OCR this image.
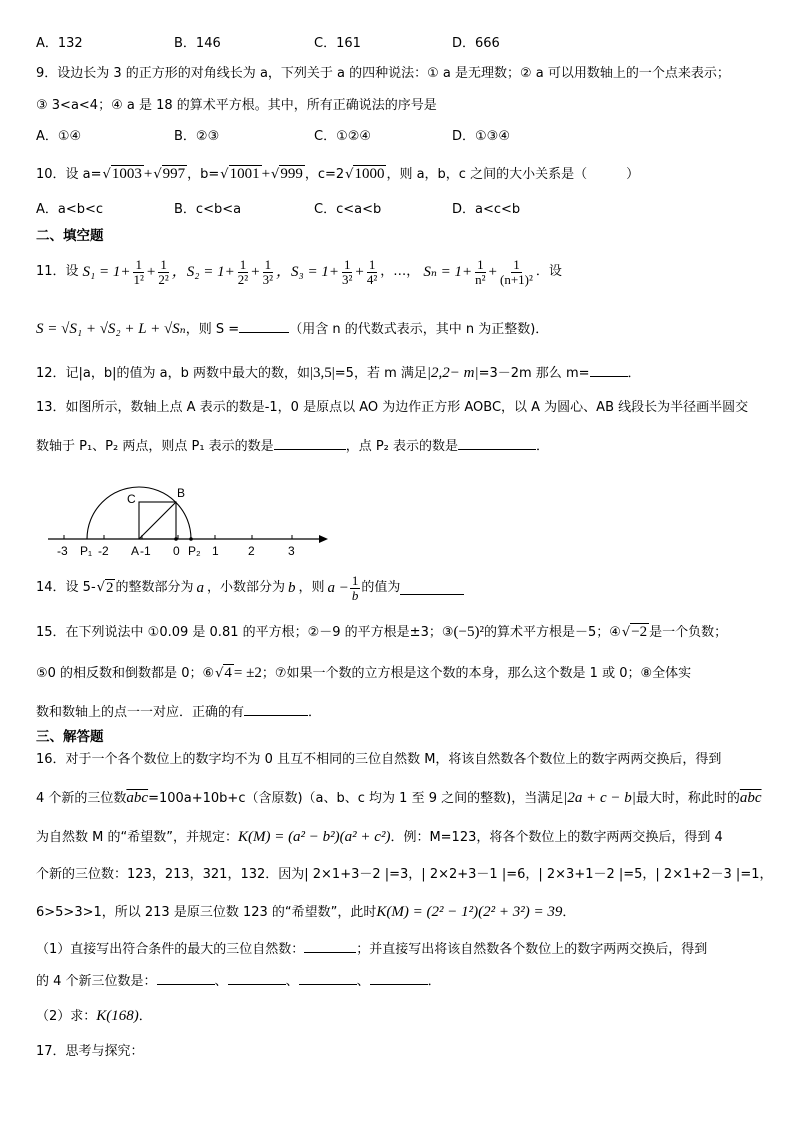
A．132	B．146	C．161	D．666
9．设边长为 3 的正方形的对角线长为 a，下列关于 a 的四种说法：① a 是无理数；② a 可以用数轴上的一个点来表示；
③ 3<a<4；④ a 是 18 的算术平方根。其中，所有正确说法的序号是
A．①④	B．②③	C．①②④	D．①③④
10．设 a=√1003 +√997 ，b=√1001 +√999 ，c=2√1000 ，则 a，b，c 之间的大小关系是（　　　）
A．a<b<c	B．c<b<a	C．c<a<b	D．a<c<b
二、填空题
11．设 $S_1 = 1+ \frac{1}{\text{1²}} + \frac{1}{\text{2²}}$ ，$S_2 = 1+ \frac{1}{\text{2²}} + \frac{1}{\text{3²}}$ ，$S_3 = 1+ \frac{1}{\text{3²}} + \frac{1}{\text{4²}}$ ，…， $S_n = 1+ \frac{1}{\text{n²}} + \frac{1}{\text{(n+1)²}}$ ．设
S = √S₁ + √S₂ + L + √Sₙ，则 S =	（用含 n 的代数式表示，其中 n 为正整数)．
12．记|a，b|的值为 a，b 两数中最大的数，如|3,5|=5，若 m 满足|2,2− m|=3－2m 那么 m=	．
13．如图所示，数轴上点 A 表示的数是-1，0 是原点以 AO 为边作正方形 AOBC，以 A 为圆心、AB 线段长为半径画半圆交
数轴于 P₁、P₂ 两点，则点 P₁ 表示的数是	，点 P₂ 表示的数是	．
B
C
-3 P₁ -2 A -1 0 P₂ 1 2	3
14．设 5- √ 2 的整数部分为 a ，小数部分为 b ，则 $a - \frac{1}{b}$ 的值为
15．在下列说法中 ①0.09 是 0.81 的平方根；②－9 的平方根是±3；③(−5)²的算术平方根是－5；④√−2 是一个负数；
⑤0 的相反数和倒数都是 0；⑥√4 = ±2；⑦如果一个数的立方根是这个数的本身，那么这个数是 1 或 0；⑧全体实
数和数轴上的点一一对应．正确的有	．
三、解答题
16．对于一个各个数位上的数字均不为 0 且互不相同的三位自然数 M，将该自然数各个数位上的数字两两交换后，得到
4 个新的三位数$\overline{abc}=100a+10b+c$（含原数)（a、b、c 均为 1 至 9 之间的整数)，当满足|2a + c − b|最大时，称此时的$\overline{abc}$
为自然数 M 的“希望数”，并规定：K(M) = (a² − b²)(a² + c²)．例：M=123，将各个数位上的数字两两交换后，得到 4
个新的三位数：123，213，321，132．因为| 2×1+3－2 |=3，| 2×2+3－1 |=6，| 2×3+1－2 |=5，| 2×1+2－3 |=1，
6>5>3>1，所以 213 是原三位数 123 的“希望数”，此时K(M) = (2² − 1²)(2² + 3²) = 39．
（1）直接写出符合条件的最大的三位自然数：	；并直接写出将该自然数各个数位上的数字两两交换后，得到
的 4 个新三位数是：	、	、	、	．
（2）求：K(168)．
17．思考与探究：
